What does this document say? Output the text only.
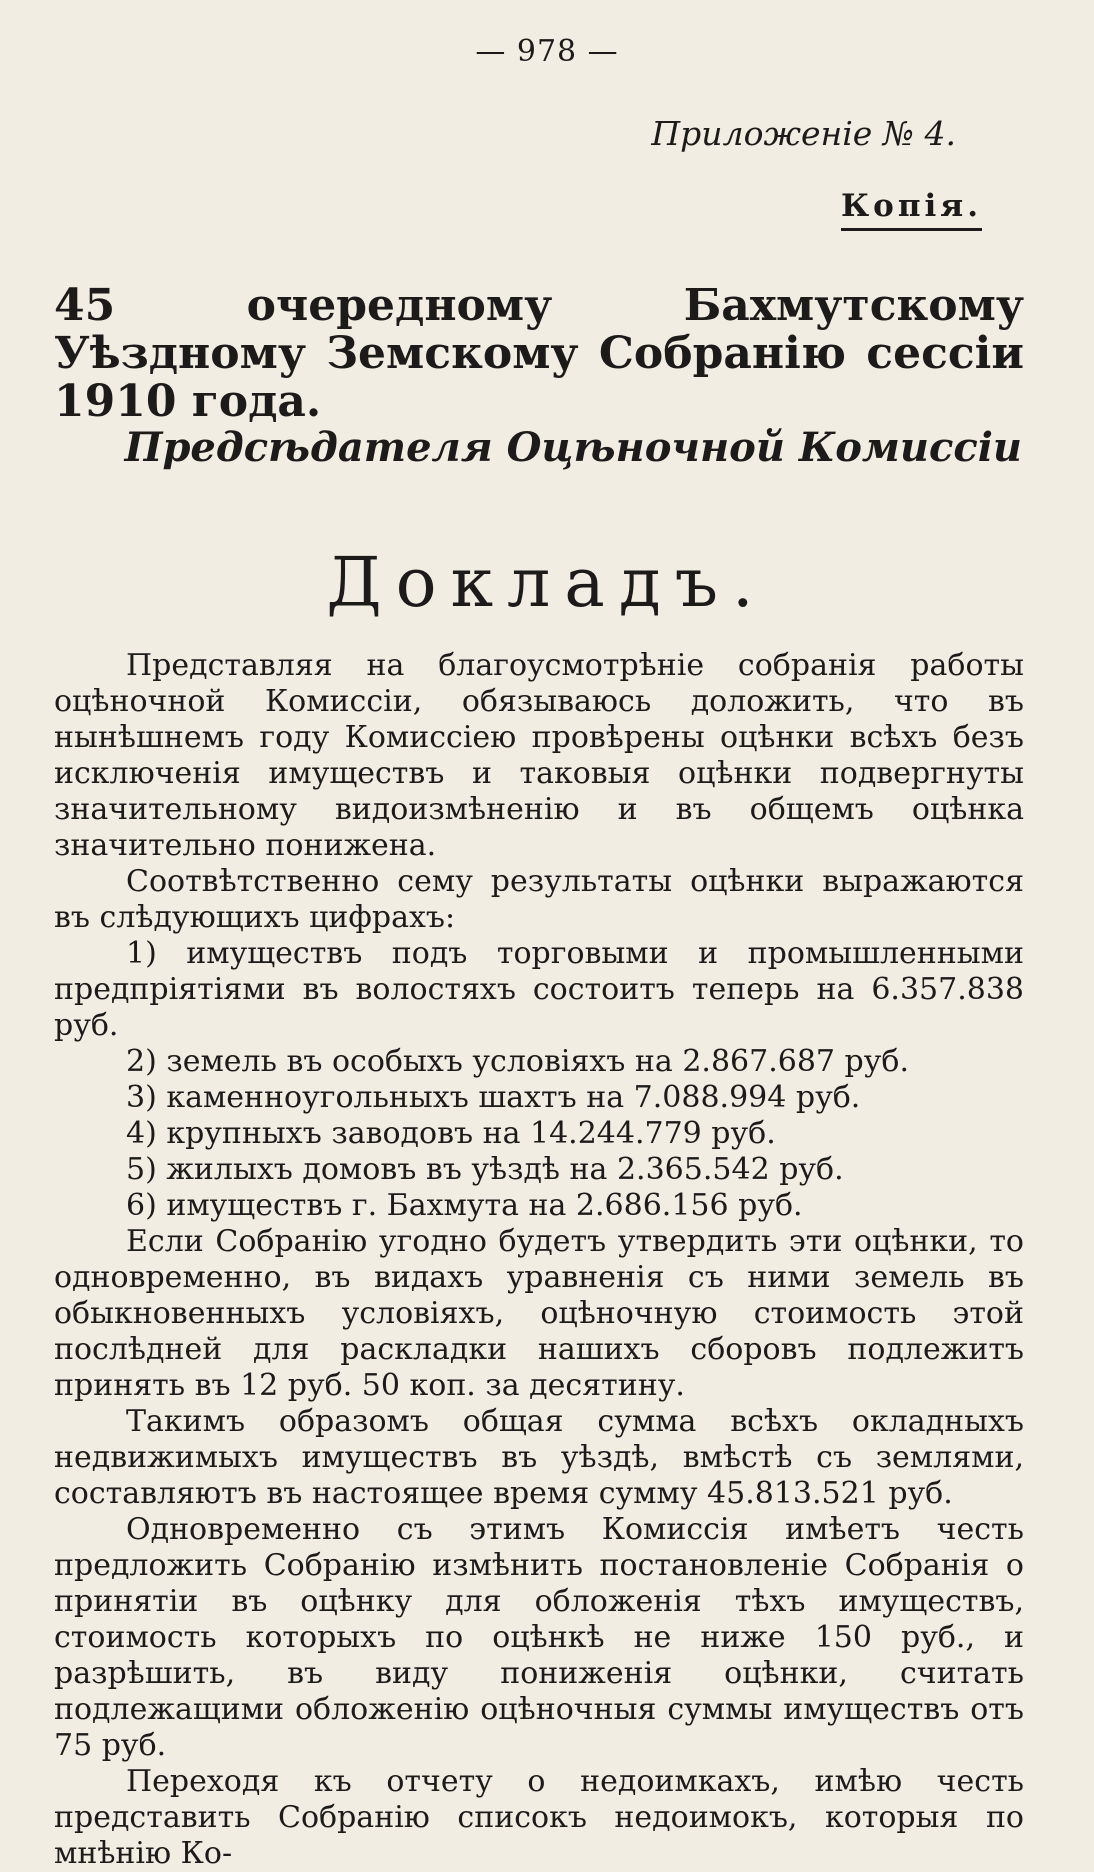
— 978 —
Приложеніе № 4.
Копія.
45 очередному Бахмутскому Уѣздному Земскому Собранію сессіи 1910 года.
Предсѣдателя Оцѣночной Комиссіи
Докладъ.

Представляя на благоусмотрѣніе собранія работы оцѣночной Комиссіи, обязываюсь доложить, что въ нынѣшнемъ году Комиссіею провѣрены оцѣнки всѣхъ безъ исключенія имуществъ и таковыя оцѣнки подвергнуты значительному видоизмѣненію и въ общемъ оцѣнка значительно понижена.

Соотвѣтственно сему результаты оцѣнки выражаются въ слѣдующихъ цифрахъ:

1) имуществъ подъ торговыми и промышленными предпріятіями въ волостяхъ состоитъ теперь на 6.357.838 руб.

2) земель въ особыхъ условіяхъ на 2.867.687 руб.
3) каменноугольныхъ шахтъ на 7.088.994 руб.
4) крупныхъ заводовъ на 14.244.779 руб.
5) жилыхъ домовъ въ уѣздѣ на 2.365.542 руб.
6) имуществъ г. Бахмута на 2.686.156 руб.

Если Собранію угодно будетъ утвердить эти оцѣнки, то одновременно, въ видахъ уравненія съ ними земель въ обыкновенныхъ условіяхъ, оцѣночную стоимость этой послѣдней для раскладки нашихъ сборовъ подлежитъ принять въ 12 руб. 50 коп. за десятину.

Такимъ образомъ общая сумма всѣхъ окладныхъ недвижимыхъ имуществъ въ уѣздѣ, вмѣстѣ съ землями, составляютъ въ настоящее время сумму 45.813.521 руб.

Одновременно съ этимъ Комиссія имѣетъ честь предложить Собранію измѣнить постановленіе Собранія о принятіи въ оцѣнку для обложенія тѣхъ имуществъ, стоимость которыхъ по оцѣнкѣ не ниже 150 руб., и разрѣшить, въ виду пониженія оцѣнки, считать подлежащими обложенію оцѣночныя суммы имуществъ отъ 75 руб.

Переходя къ отчету о недоимкахъ, имѣю честь представить Собранію списокъ недоимокъ, которыя по мнѣнію Ко-
